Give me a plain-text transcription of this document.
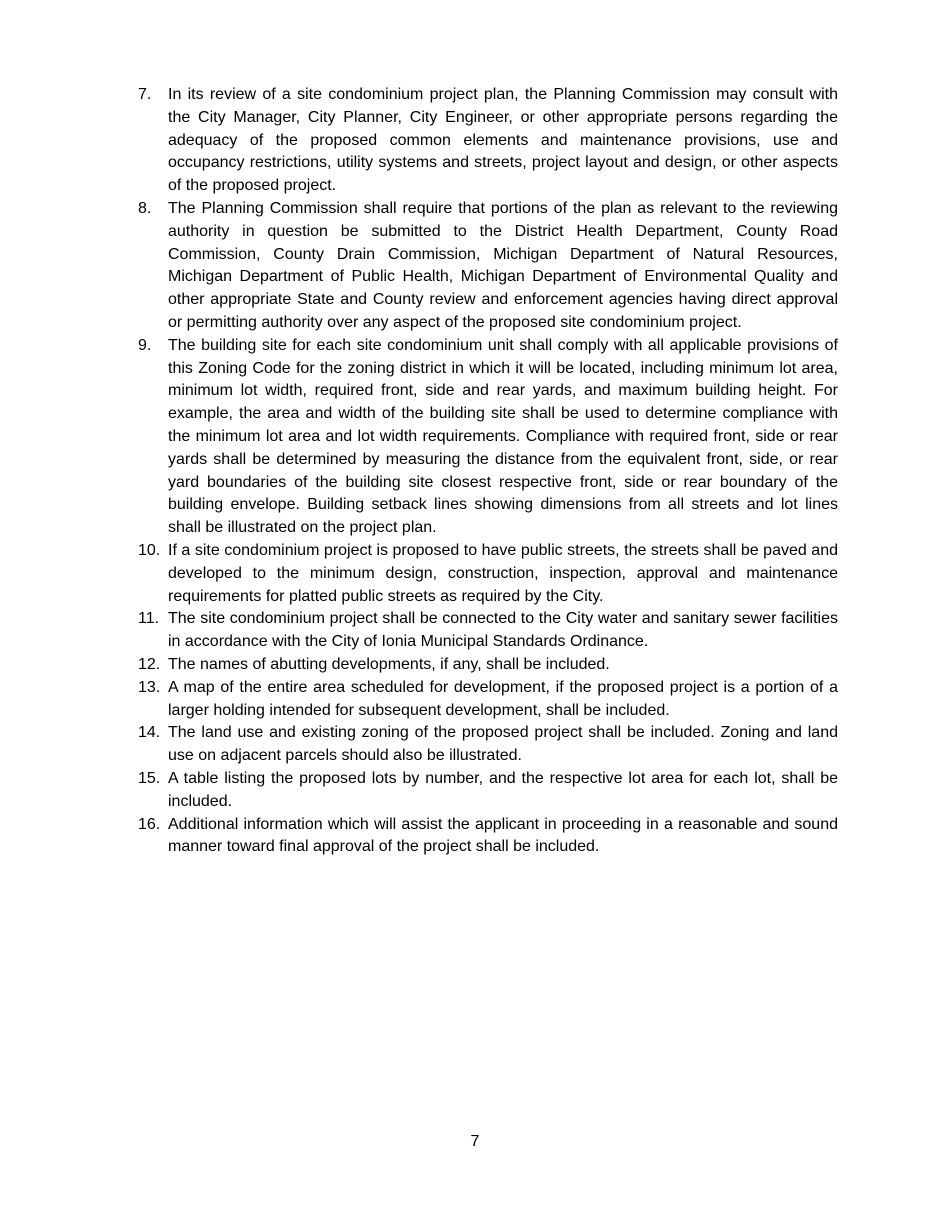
7.	In its review of a site condominium project plan, the Planning Commission may consult with the City Manager, City Planner, City Engineer, or other appropriate persons regarding the adequacy of the proposed common elements and maintenance provisions, use and occupancy restrictions, utility systems and streets, project layout and design, or other aspects of the proposed project.
8.	The Planning Commission shall require that portions of the plan as relevant to the reviewing authority in question be submitted to the District Health Department, County Road Commission, County Drain Commission, Michigan Department of Natural Resources, Michigan Department of Public Health, Michigan Department of Environmental Quality and other appropriate State and County review and enforcement agencies having direct approval or permitting authority over any aspect of the proposed site condominium project.
9.	The building site for each site condominium unit shall comply with all applicable provisions of this Zoning Code for the zoning district in which it will be located, including minimum lot area, minimum lot width, required front, side and rear yards, and maximum building height. For example, the area and width of the building site shall be used to determine compliance with the minimum lot area and lot width requirements. Compliance with required front, side or rear yards shall be determined by measuring the distance from the equivalent front, side, or rear yard boundaries of the building site closest respective front, side or rear boundary of the building envelope. Building setback lines showing dimensions from all streets and lot lines shall be illustrated on the project plan.
10. If a site condominium project is proposed to have public streets, the streets shall be paved and developed to the minimum design, construction, inspection, approval and maintenance requirements for platted public streets as required by the City.
11. The site condominium project shall be connected to the City water and sanitary sewer facilities in accordance with the City of Ionia Municipal Standards Ordinance.
12. The names of abutting developments, if any, shall be included.
13. A map of the entire area scheduled for development, if the proposed project is a portion of a larger holding intended for subsequent development, shall be included.
14. The land use and existing zoning of the proposed project shall be included. Zoning and land use on adjacent parcels should also be illustrated.
15. A table listing the proposed lots by number, and the respective lot area for each lot, shall be included.
16. Additional information which will assist the applicant in proceeding in a reasonable and sound manner toward final approval of the project shall be included.
7
